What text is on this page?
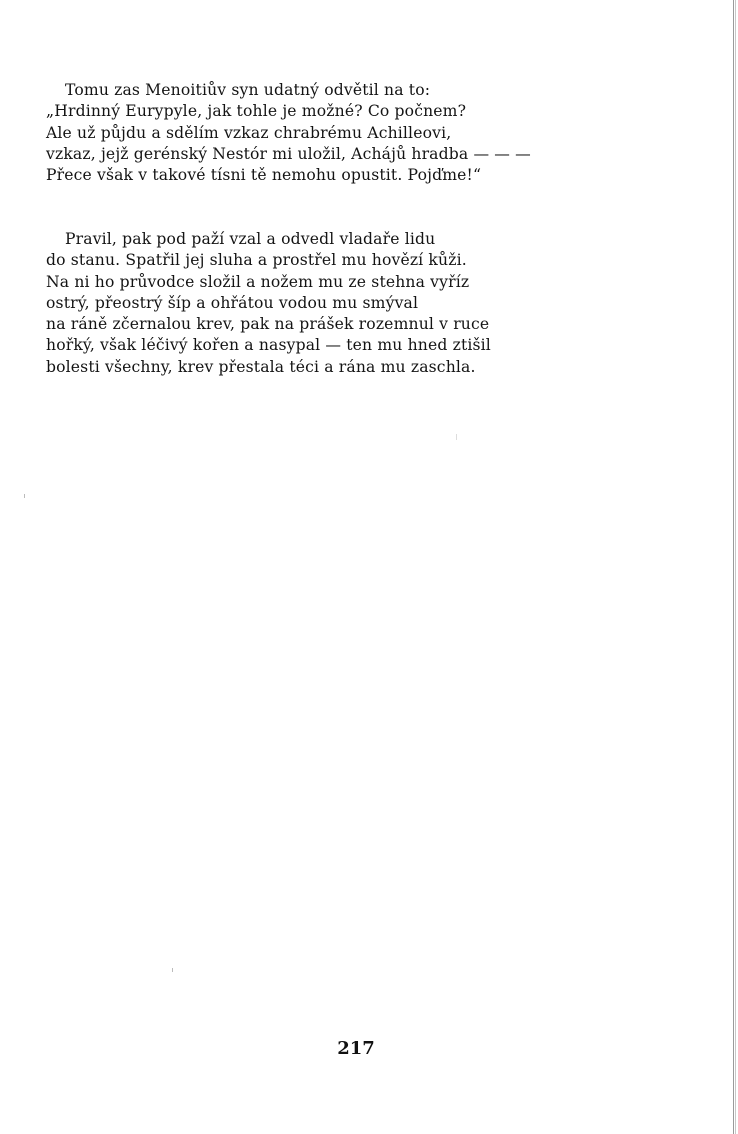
Tomu zas Menoitiův syn udatný odvětil na to:
„Hrdinný Eurypyle, jak tohle je možné? Co počnem?
Ale už půjdu a sdělím vzkaz chrabrému Achilleovi,
vzkaz, jejž gerénský Nestór mi uložil, Achájů hradba — — —
Přece však v takové tísni tě nemohu opustit. Pojďme!“
Pravil, pak pod paží vzal a odvedl vladaře lidu
do stanu. Spatřil jej sluha a prostřel mu hovězí kůži.
Na ni ho průvodce složil a nožem mu ze stehna vyříz
ostrý, přeostrý šíp a ohřátou vodou mu smýval
na ráně zčernalou krev, pak na prášek rozemnul v ruce
hořký, však léčivý kořen a nasypal — ten mu hned ztišil
bolesti všechny, krev přestala téci a rána mu zaschla.
217
